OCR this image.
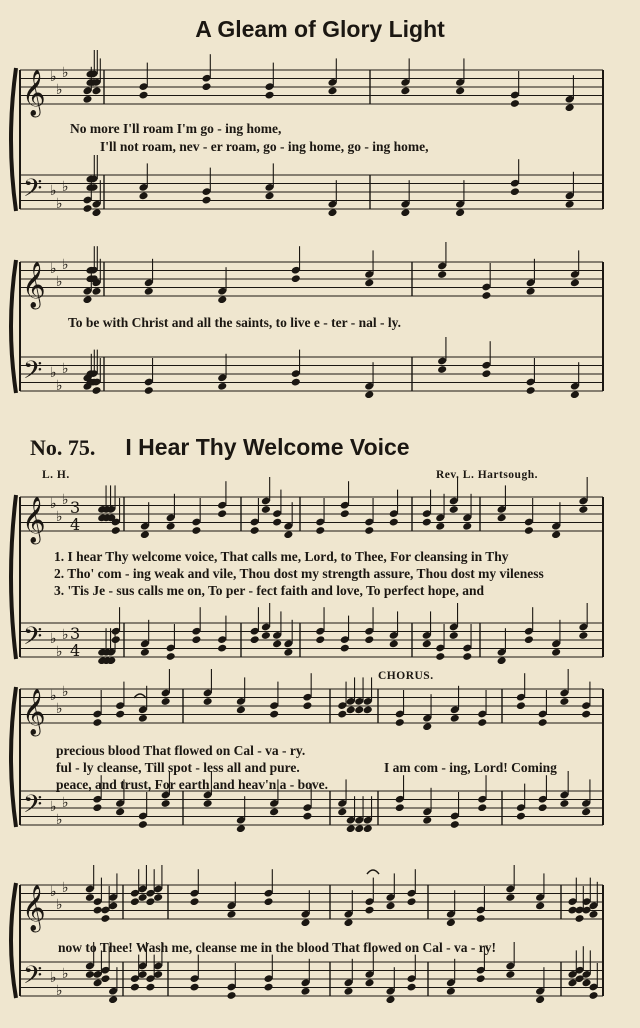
𝄞
𝄢
♭
♭
♭
♭
♭
♭
𝄞
𝄢
♭
♭
♭
♭
♭
♭
𝄞
𝄢
♭
♭
♭
♭
♭
♭
3
4
3
4
𝄞
𝄢
♭
♭
♭
♭
♭
♭
𝄞
𝄢
♭
♭
♭
♭
♭
♭
A Gleam of Glory Light
No more I'll roam I'm go - ing home,
I'll not roam, nev - er roam, go - ing home, go - ing home,
To be with Christ and all the saints, to live e - ter - nal - ly.
No. 75. I Hear Thy Welcome Voice
L. H.	Rev. L. Hartsough.
1. I hear Thy welcome voice, That calls me, Lord, to Thee, For cleansing in Thy
2. Tho' com - ing weak and vile, Thou dost my strength assure, Thou dost my vileness
3. 'Tis Je - sus calls me on, To per - fect faith and love, To perfect hope, and
CHORUS.
precious blood That flowed on Cal - va - ry.
ful - ly cleanse, Till spot - less all and pure.
peace, and trust, For earth and heav'n a - bove.
I am com - ing, Lord! Coming
now to Thee! Wash me, cleanse me in the blood That flowed on Cal - va - ry!
